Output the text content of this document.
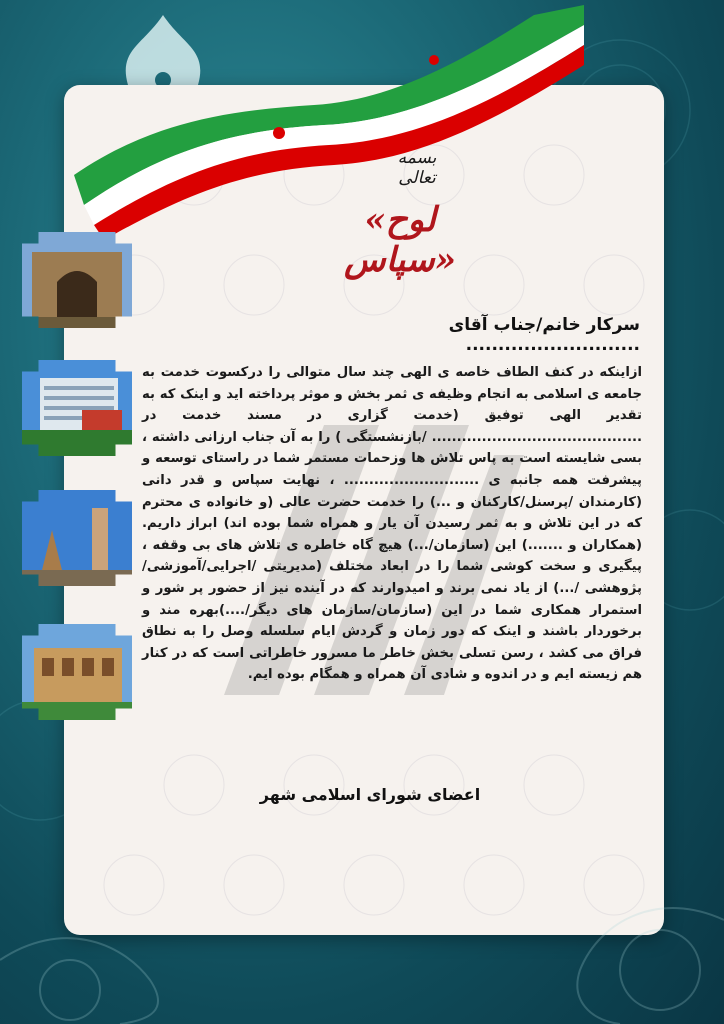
بسمه تعالی
«لوح سپاس»
سرکار خانم/جناب آقای ...........................
ازاینکه در کنف الطاف خاصه ی الهی چند سال متوالی را درکسوت خدمت به جامعه ی اسلامی به انجام وظیفه ی ثمر بخش و موثر پرداخته اید و اینک که به تقدیر الهی توفیق (خدمت گزاری در مسند خدمت در .......................................... /بازنشستگی ) را به آن جناب ارزانی داشته ، بسی شایسته است به پاس تلاش ها وزحمات مستمر شما در راستای توسعه و پیشرفت همه جانبه ی ........................... ، نهایت سپاس و قدر دانی (کارمندان /پرسنل/کارکنان و ...) را خدمت حضرت عالی (و خانواده ی محترم که در این تلاش و به ثمر رسیدن آن یار و همراه شما بوده اند) ابراز داریم. (همکاران و .......) این (سازمان/...) هیچ گاه خاطره ی تلاش های بی وقفه ، پیگیری و سخت کوشی شما را در ابعاد مختلف (مدیریتی /اجرایی/آموزشی/پژوهشی /...) از یاد نمی برند و امیدوارند که در آینده نیز از حضور پر شور و استمرار همکاری شما در این (سازمان/سازمان های دیگر/....)بهره مند و برخوردار باشند و اینک که دور زمان و گردش ایام سلسله وصل را به نطاق فراق می کشد ، رسن تسلی بخش خاطر ما مسرور خاطراتی است که در کنار هم زیسته ایم و در اندوه و شادی آن همراه و همگام بوده ایم.
اعضای شورای اسلامی شهر
